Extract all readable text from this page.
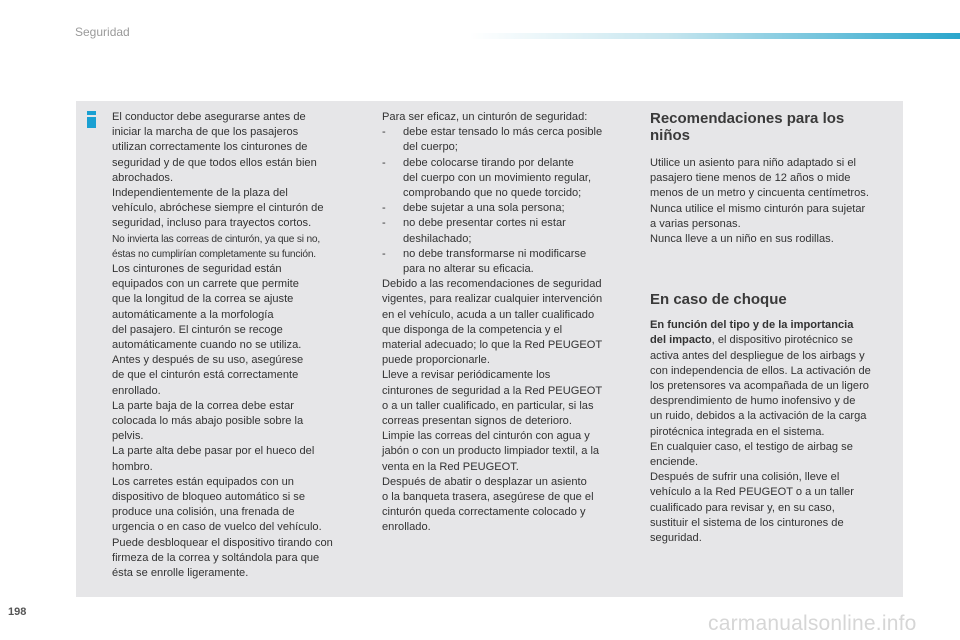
Seguridad

El conductor debe asegurarse antes de

iniciar la marcha de que los pasajeros

utilizan correctamente los cinturones de

seguridad y de que todos ellos están bien

abrochados.

Independientemente de la plaza del

vehículo, abróchese siempre el cinturón de

seguridad, incluso para trayectos cortos.

No invierta las correas de cinturón, ya que si no,

éstas no cumplirían completamente su función.

Los cinturones de seguridad están

equipados con un carrete que permite

que la longitud de la correa se ajuste

automáticamente a la morfología

del pasajero. El cinturón se recoge

automáticamente cuando no se utiliza.

Antes y después de su uso, asegúrese

de que el cinturón está correctamente

enrollado.

La parte baja de la correa debe estar

colocada lo más abajo posible sobre la

pelvis.

La parte alta debe pasar por el hueco del

hombro.

Los carretes están equipados con un

dispositivo de bloqueo automático si se

produce una colisión, una frenada de

urgencia o en caso de vuelco del vehículo.

Puede desbloquear el dispositivo tirando con

firmeza de la correa y soltándola para que

ésta se enrolle ligeramente.

Para ser eficaz, un cinturón de seguridad:

- debe estar tensado lo más cerca posible

del cuerpo;

- debe colocarse tirando por delante

del cuerpo con un movimiento regular,

comprobando que no quede torcido;

- debe sujetar a una sola persona;

- no debe presentar cortes ni estar

deshilachado;

- no debe transformarse ni modificarse

para no alterar su eficacia.

Debido a las recomendaciones de seguridad

vigentes, para realizar cualquier intervención

en el vehículo, acuda a un taller cualificado

que disponga de la competencia y el

material adecuado; lo que la Red PEUGEOT

puede proporcionarle.

Lleve a revisar periódicamente los

cinturones de seguridad a la Red PEUGEOT

o a un taller cualificado, en particular, si las

correas presentan signos de deterioro.

Limpie las correas del cinturón con agua y

jabón o con un producto limpiador textil, a la

venta en la Red PEUGEOT.

Después de abatir o desplazar un asiento

o la banqueta trasera, asegúrese de que el

cinturón queda correctamente colocado y

enrollado.

Recomendaciones para los
niños

Utilice un asiento para niño adaptado si el

pasajero tiene menos de 12 años o mide

menos de un metro y cincuenta centímetros.

Nunca utilice el mismo cinturón para sujetar

a varias personas.

Nunca lleve a un niño en sus rodillas.

En caso de choque

En función del tipo y de la importancia

del impacto, el dispositivo pirotécnico se

activa antes del despliegue de los airbags y

con independencia de ellos. La activación de

los pretensores va acompañada de un ligero

desprendimiento de humo inofensivo y de

un ruido, debidos a la activación de la carga

pirotécnica integrada en el sistema.

En cualquier caso, el testigo de airbag se

enciende.

Después de sufrir una colisión, lleve el

vehículo a la Red PEUGEOT o a un taller

cualificado para revisar y, en su caso,

sustituir el sistema de los cinturones de

seguridad.

198	carmanualsonline.info
